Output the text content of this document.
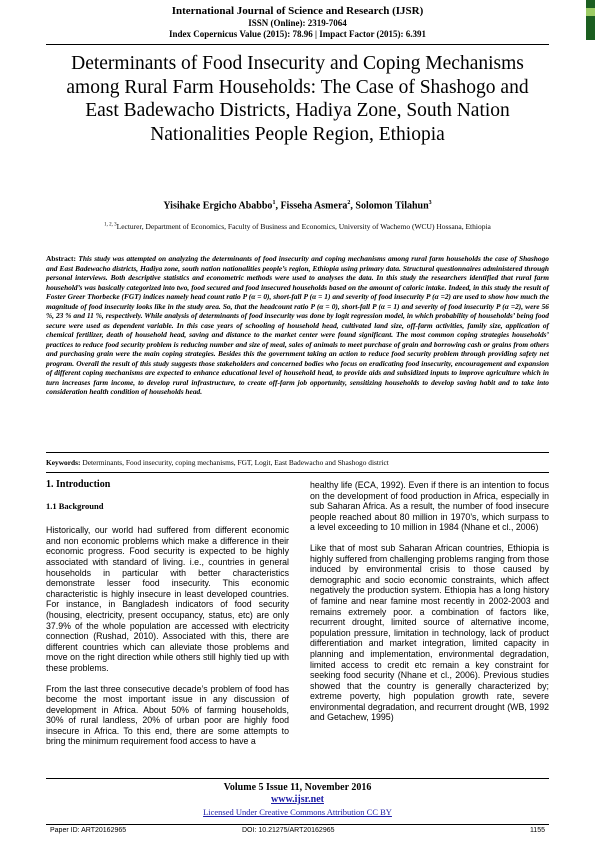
International Journal of Science and Research (IJSR)
ISSN (Online): 2319-7064
Index Copernicus Value (2015): 78.96 | Impact Factor (2015): 6.391
Determinants of Food Insecurity and Coping Mechanisms among Rural Farm Households: The Case of Shashogo and East Badewacho Districts, Hadiya Zone, South Nation Nationalities People Region, Ethiopia
Yisihake Ergicho Ababbo$^1$, Fisseha Asmera$^2$, Solomon Tilahun$^3$
$^{1, 2, 3}$Lecturer, Department of Economics, Faculty of Business and Economics, University of Wachemo (WCU) Hossana, Ethiopia
Abstract: This study was attempted on analyzing the determinants of food insecurity and coping mechanisms among rural farm households the case of Shashogo and East Badewacho districts, Hadiya zone, south nation nationalities people’s region, Ethiopia using primary data. Structural questionnaires administered through personal interviews. Both descriptive statistics and econometric methods were used to analyses the data. In this study the researchers identified that rural farm household’s was basically categorized into two, food secured and food insecured households based on the amount of caloric intake. Indeed, in this study the result of Foster Greer Thorbecke (FGT) indices namely head count ratio P (α = 0), short-fall P (α = 1) and severity of food insecurity P (α =2) are used to show how much the magnitude of food insecurity looks like in the study area. So, that the headcount ratio P (α = 0), short-fall P (α = 1) and severity of food insecurity P (α =2), were 56 %, 23 % and 11 %, respectively. While analysis of determinants of food insecurity was done by logit regression model, in which probability of households’ being food secure were used as dependent variable. In this case years of schooling of household head, cultivated land size, off-farm activities, family size, application of chemical fertilizer, death of household head, saving and distance to the market center were found significant. The most common coping strategies households’ practices to reduce food security problem is reducing number and size of meal, sales of animals to meet purchase of grain and borrowing cash or grains from others and purchasing grain were the main coping strategies. Besides this the government taking an action to reduce food security problem through providing safety net program. Overall the result of this study suggests those stakeholders and concerned bodies who focus on eradicating food insecurity, encouragement and expansion of different coping mechanisms are expected to enhance educational level of household head, to provide aids and subsidized inputs to improve agriculture which in turn increases farm income, to develop rural infrastructure, to create off-farm job opportunity, sensitizing households to develop saving habit and to take into consideration health condition of households head.
Keywords: Determinants, Food insecurity, coping mechanisms, FGT, Logit, East Badewacho and Shashogo district
1. Introduction
1.1 Background

Historically, our world had suffered from different economic and non economic problems which make a difference in their economic progress. Food security is expected to be highly associated with standard of living. i.e., countries in general households in particular with better characteristics demonstrate lesser food insecurity. This economic characteristic is highly insecure in least developed countries. For instance, in Bangladesh indicators of food security (housing, electricity, present occupancy, status, etc) are only 37.9% of the whole population are accessed with electricity connection (Rushad, 2010). Associated with this, there are different countries which can alleviate those problems and move on the right direction while others still highly tied up with these problems.

From the last three consecutive decade’s problem of food has become the most important issue in any discussion of development in Africa. About 50% of farming households, 30% of rural landless, 20% of urban poor are highly food insecure in Africa. To this end, there are some attempts to bring the minimum requirement food access to have a

healthy life (ECA, 1992). Even if there is an intention to focus on the development of food production in Africa, especially in sub Saharan Africa. As a result, the number of food insecure people reached about 80 million in 1970’s, which surpass to a level exceeding to 10 million in 1984 (Nhane et cl., 2006)

Like that of most sub Saharan African countries, Ethiopia is highly suffered from challenging problems ranging from those induced by environmental crisis to those caused by demographic and socio economic constraints, which affect negatively the production system. Ethiopia has a long history of famine and near famine most recently in 2002-2003 and remains extremely poor. a combination of factors like, recurrent drought, limited source of alternative income, population pressure, limitation in technology, lack of product differentiation and market integration, limited capacity in planning and implementation, environmental degradation, limited access to credit etc remain a key constraint for seeking food security (Nhane et cl., 2006). Previous studies showed that the country is generally characterized by; extreme poverty, high population growth rate, severe environmental degradation, and recurrent drought (WB, 1992 and Getachew, 1995)

Volume 5 Issue 11, November 2016
www.ijsr.net
Licensed Under Creative Commons Attribution CC BY
Paper ID: ART20162965	DOI: 10.21275/ART20162965	1155
